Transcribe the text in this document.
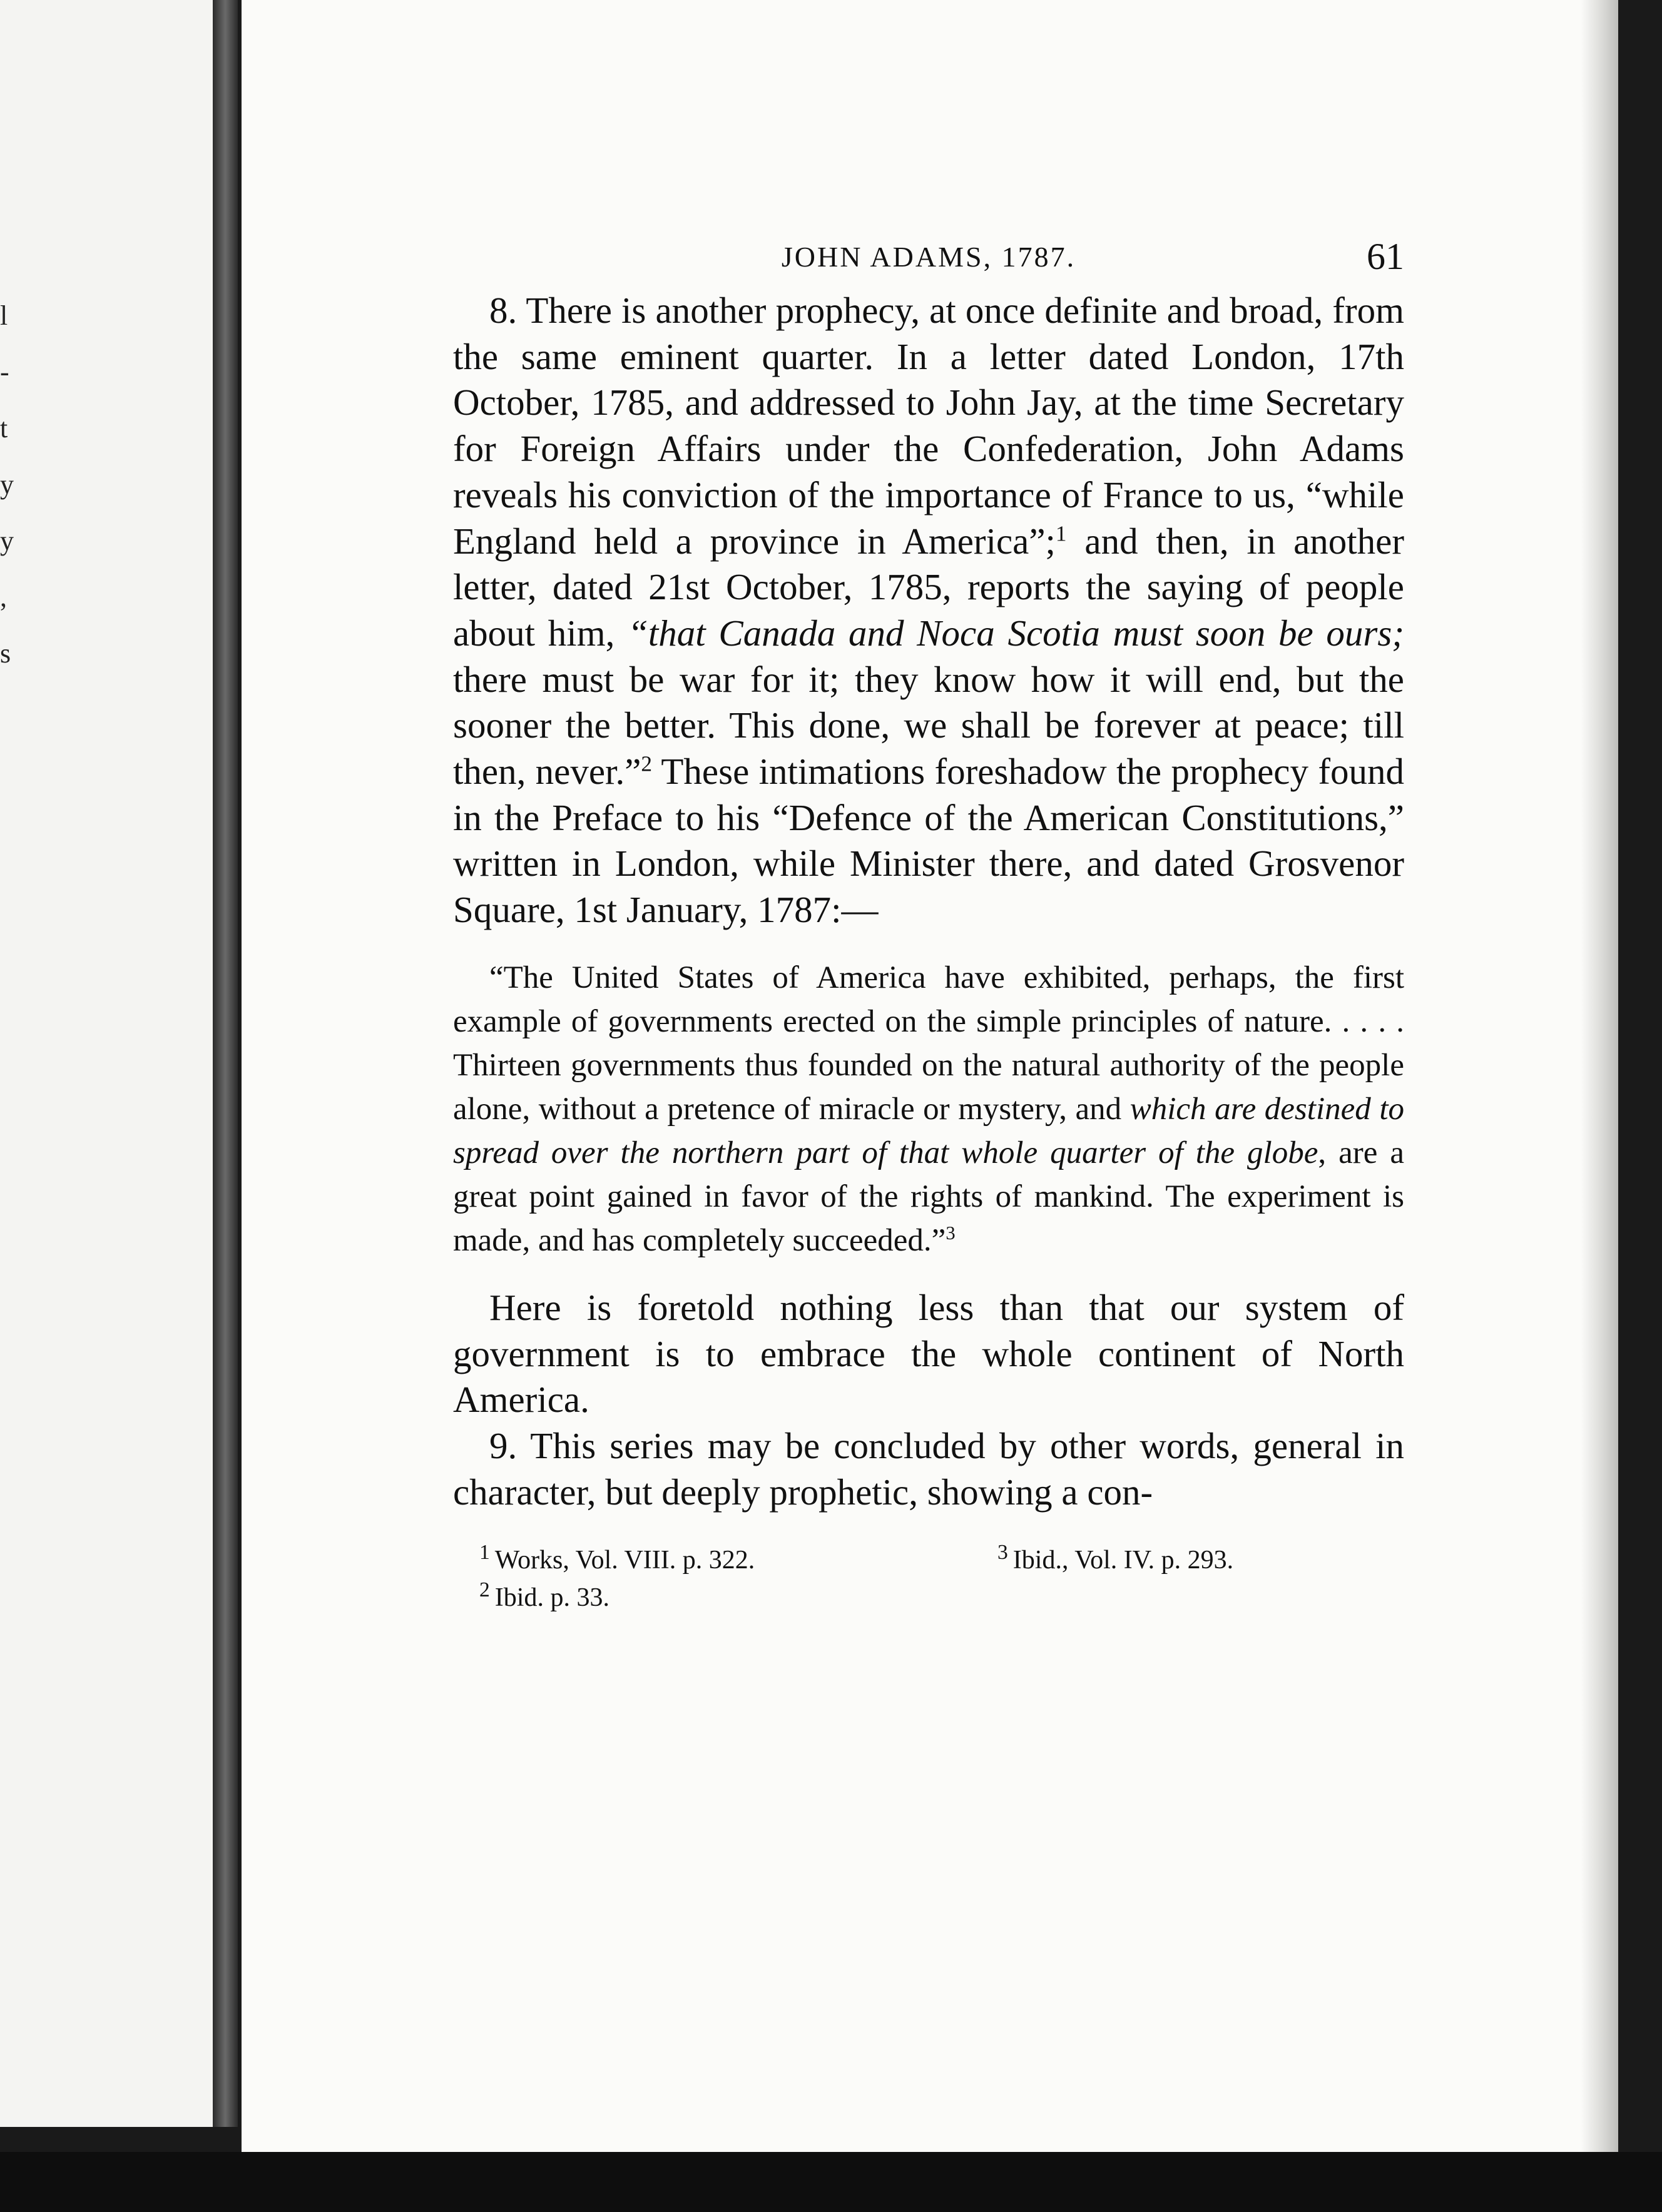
l
-
t
y
y
,
s
JOHN ADAMS, 1787.	61

8. There is another prophecy, at once definite and broad, from the same eminent quarter. In a letter dated London, 17th October, 1785, and addressed to John Jay, at the time Secretary for Foreign Affairs under the Confederation, John Adams reveals his conviction of the importance of France to us, “while England held a province in America”;$^1$ and then, in another letter, dated 21st October, 1785, reports the saying of people about him, “that Canada and Noca Scotia must soon be ours; there must be war for it; they know how it will end, but the sooner the better. This done, we shall be forever at peace; till then, never.”$^2$ These intimations foreshadow the prophecy found in the Preface to his “Defence of the American Constitutions,” written in London, while Minister there, and dated Grosvenor Square, 1st January, 1787:—

“The United States of America have exhibited, perhaps, the first example of governments erected on the simple principles of nature. . . . . Thirteen governments thus founded on the natural authority of the people alone, without a pretence of miracle or mystery, and which are destined to spread over the northern part of that whole quarter of the globe, are a great point gained in favor of the rights of mankind. The experiment is made, and has completely succeeded.”$^3$

Here is foretold nothing less than that our system of government is to embrace the whole continent of North America.

9. This series may be concluded by other words, general in character, but deeply prophetic, showing a con-

$^1$ Works, Vol. VIII. p. 322.
$^2$ Ibid. p. 33.
$^3$ Ibid., Vol. IV. p. 293.
